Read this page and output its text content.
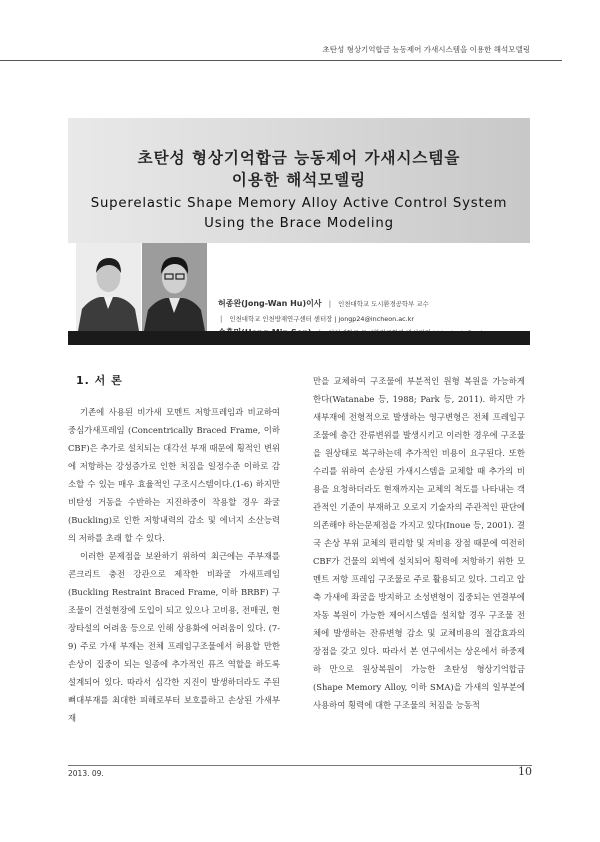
초탄성 형상기억합금 능동제어 가새시스템을 이용한 해석모델링
초탄성 형상기억합금 능동제어 가새시스템을
이용한 해석모델링
Superelastic Shape Memory Alloy Active Control System
Using the Brace Modeling
허종완(Jong-Wan Hu)이사 | 인천대학교 도시환경공학부 교수
| 인천대학교 인천방재연구센터 센터장 | jongp24@incheon.ac.kr
1. 서 론

기존에 사용된 비가새 모멘트 저항프레임과 비교하여 중심가새프레임 (Concentrically Braced Frame, 이하 CBF)은 추가로 설치되는 대각선 부재 때문에 횡적인 변위에 저항하는 강성증가로 인한 처짐을 일정수준 이하로 감소할 수 있는 매우 효율적인 구조시스템이다.(1-6) 하지만 비탄성 거동을 수반하는 지진하중이 작용할 경우 좌굴 (Buckling)로 인한 저항내력의 감소 및 에너지 소산능력의 저하를 초래 할 수 있다.

이러한 문제점을 보완하기 위하여 최근에는 주부재를 콘크리트 충전 강관으로 제작한 비좌굴 가새프레임 (Buckling Restraint Braced Frame, 이하 BRBF) 구조물이 건설현장에 도입이 되고 있으나 고비용, 전매권, 현장타설의 어려움 등으로 인해 상용화에 어려움이 있다. (7-9) 주로 가새 부재는 전체 프레임구조물에서 허용할 만한 손상이 집중이 되는 일종에 추가적인 퓨즈 역할을 하도록 설계되어 있다. 따라서 심각한 지진이 발생하더라도 주된 뼈대부재를 최대한 피해로부터 보호를하고 손상된 가새부재

만을 교체하여 구조물에 부분적인 원형 복원을 가능하게 한다(Watanabe 등, 1988; Park 등, 2011). 하지만 가새부재에 전형적으로 발생하는 영구변형은 전체 프레임구조물에 층간 잔류변위를 발생시키고 이러한 경우에 구조물을 원상태로 복구하는데 추가적인 비용이 요구된다. 또한 수리를 위하여 손상된 가새시스템을 교체할 때 추가의 비용을 요청하더라도 현재까지는 교체의 척도를 나타내는 객관적인 기준이 부재하고 오로지 기술자의 주관적인 판단에 의존해야 하는문제점을 가지고 있다(Inoue 등, 2001). 결국 손상 부위 교체의 편리함 및 저비용 장점 때문에 여전히 CBF가 건물의 외벽에 설치되어 횡력에 저항하기 위한 모멘트 저항 프레임 구조물로 주로 활용되고 있다. 그리고 압축 가새에 좌굴을 방지하고 소성변형이 집중되는 연결부에 자동 복원이 가능한 제어시스템을 설치할 경우 구조물 전체에 발생하는 잔류변형 감소 및 교체비용의 절감효과의 장점을 갖고 있다. 따라서 본 연구에서는 상온에서 하중제하 만으로 원상복원이 가능한 초탄성 형상기억합금 (Shape Memory Alloy, 이하 SMA)을 가새의 일부분에 사용하여 횡력에 대한 구조물의 처짐을 능동적

2013. 09.	10
